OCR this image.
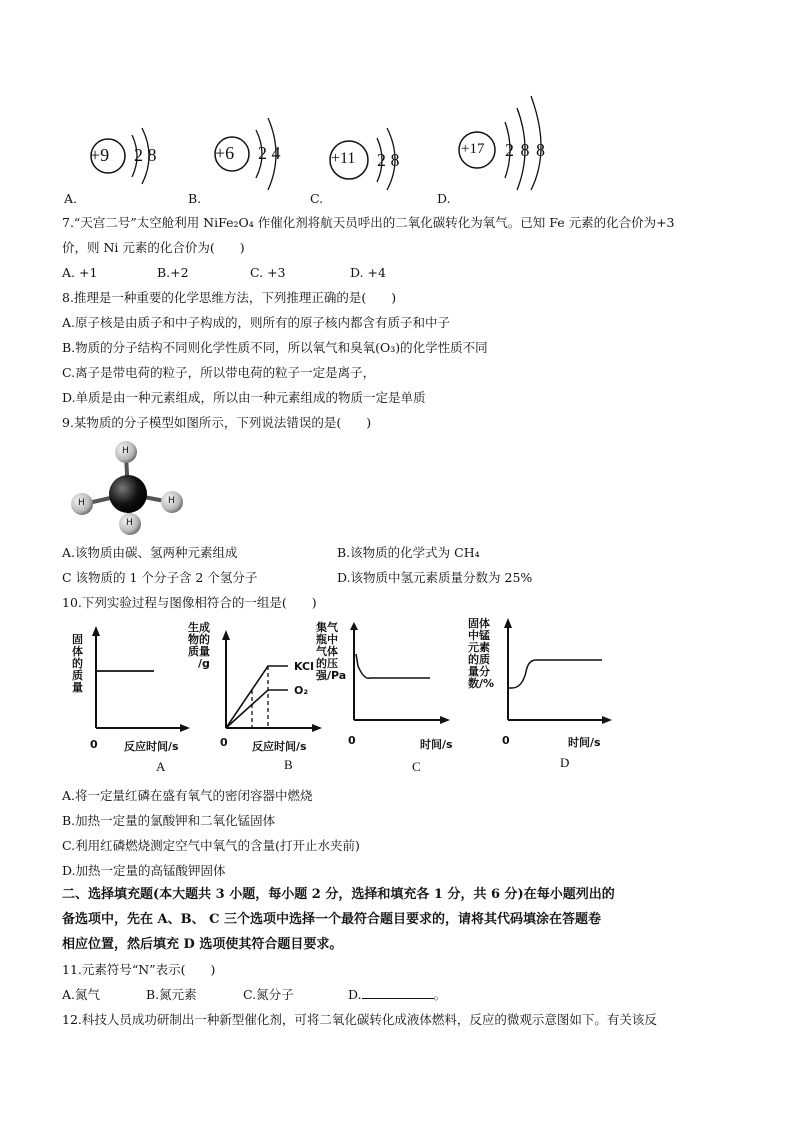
+9 2 8
A.
+6 2 4
B.
+11 2 8
C.
+17 2 8 8
D.
7.“天宫二号”太空舱利用 NiFe₂O₄ 作催化剂将航天员呼出的二氧化碳转化为氧气。已知 Fe 元素的化合价为+3
价，则 Ni 元素的化合价为(　　)
A. +1	B.+2	C. +3	D. +4
8.推理是一种重要的化学思维方法，下列推理正确的是(　　)
A.原子核是由质子和中子构成的，则所有的原子核内都含有质子和中子
B.物质的分子结构不同则化学性质不同，所以氧气和臭氧(O₃)的化学性质不同
C.离子是带电荷的粒子，所以带电荷的粒子一定是离子，
D.单质是由一种元素组成，所以由一种元素组成的物质一定是单质
9.某物质的分子模型如图所示，下列说法错误的是(　　)
H
H	H
H
A.该物质由碳、氢两种元素组成	B.该物质的化学式为 CH₄
C 该物质的 1 个分子含 2 个氢分子	D.该物质中氢元素质量分数为 25%
10.下列实验过程与图像相符合的一组是(　　)
固
体
的
质
量
0 反应时间/s
A
生成
物的
质量
/g	KCl
O₂
0 反应时间/s
B
集气
瓶中
气体
的压
强/Pa
0	时间/s
C
固体
中锰
元素
的质
量分
数/%
0	时间/s
D
A.将一定量红磷在盛有氧气的密闭容器中燃烧
B.加热一定量的氯酸钾和二氧化锰固体
C.利用红磷燃烧测定空气中氧气的含量(打开止水夹前)
D.加热一定量的高锰酸钾固体
二、选择填充题(本大题共 3 小题，每小题 2 分，选择和填充各 1 分，共 6 分)在每小题列出的
备选项中，先在 A、B、 C 三个选项中选择一个最符合题目要求的，请将其代码填涂在答题卷
相应位置，然后填充 D 选项使其符合题目要求。
11.元素符号“N”表示(　　)
A.氮气	B.氮元素	C.氮分子	D.	。
12.科技人员成功研制出一种新型催化剂，可将二氧化碳转化成液体燃料，反应的微观示意图如下。有关该反
